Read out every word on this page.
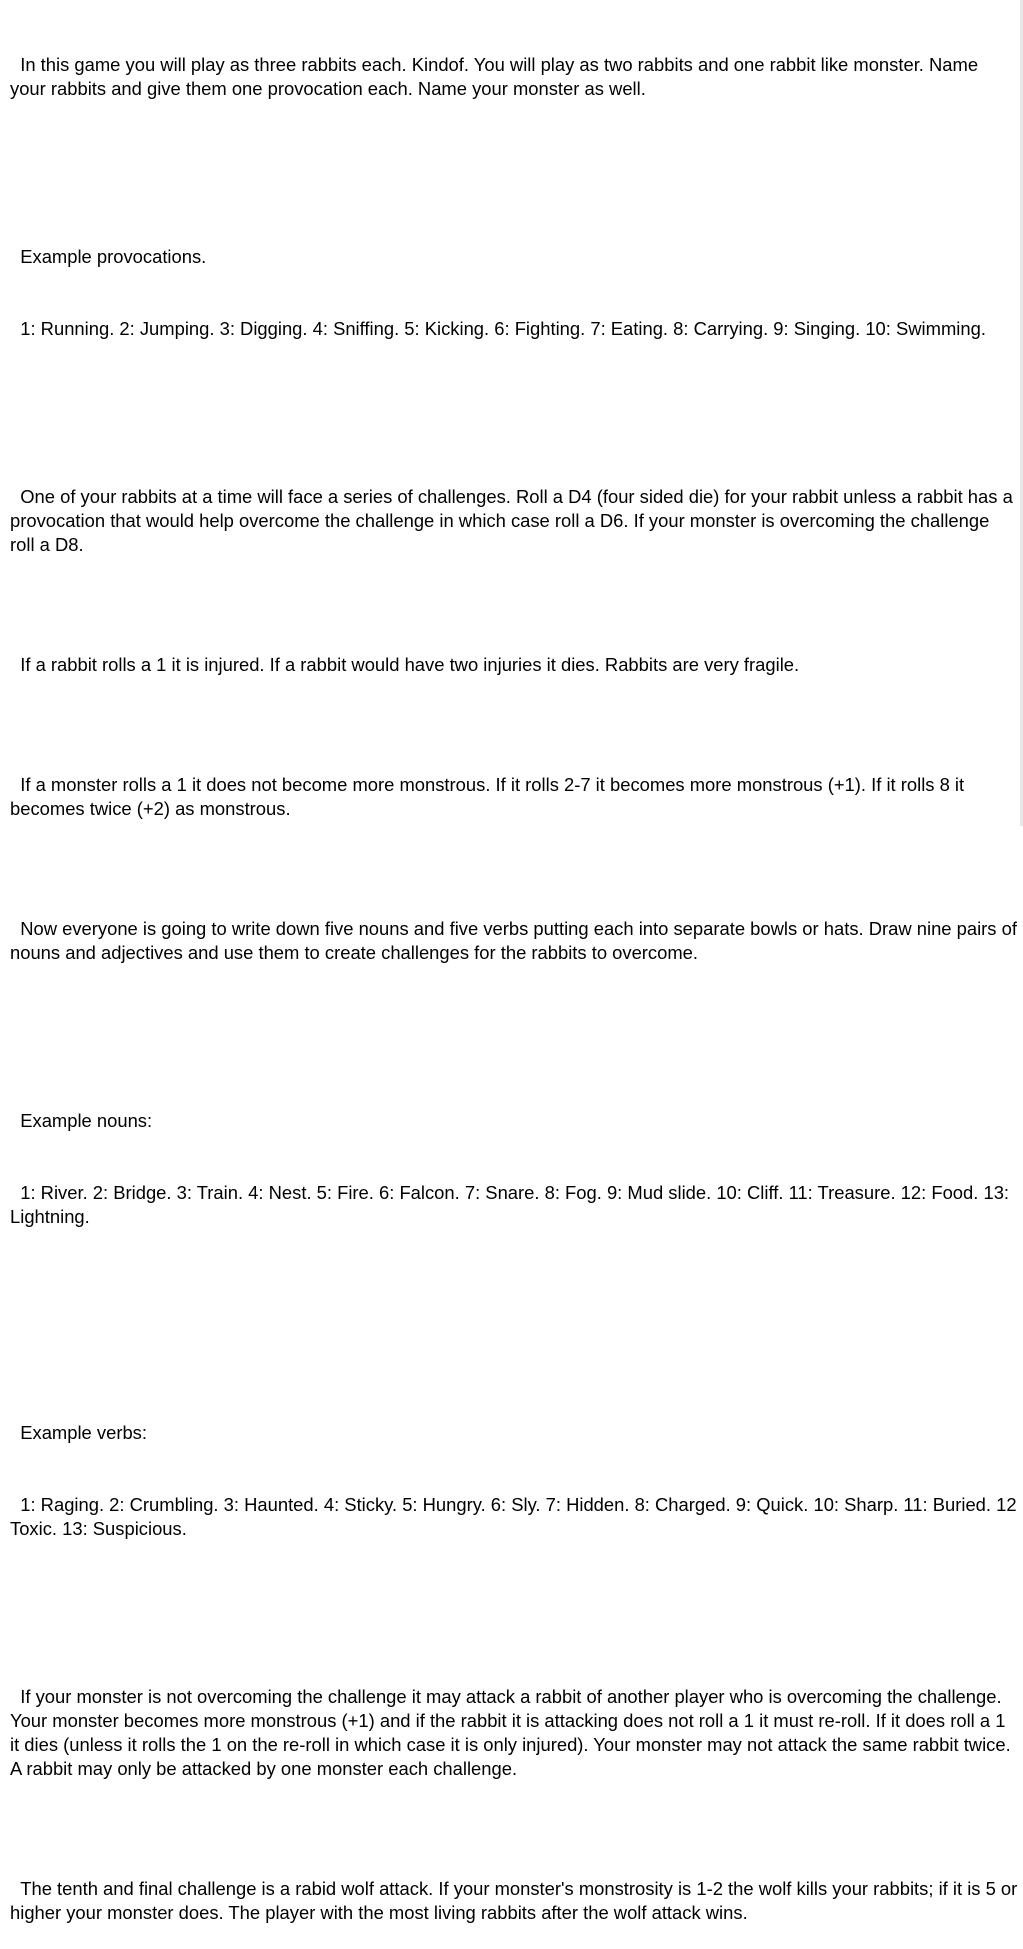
In this game you will play as three rabbits each. Kindof. You will play as two rabbits and one rabbit like monster. Name your rabbits and give them one provocation each. Name your monster as well.

Example provocations.

1: Running. 2: Jumping. 3: Digging. 4: Sniffing. 5: Kicking. 6: Fighting. 7: Eating. 8: Carrying. 9: Singing. 10: Swimming.

One of your rabbits at a time will face a series of challenges. Roll a D4 (four sided die) for your rabbit unless a rabbit has a provocation that would help overcome the challenge in which case roll a D6. If your monster is overcoming the challenge roll a D8.

If a rabbit rolls a 1 it is injured. If a rabbit would have two injuries it dies. Rabbits are very fragile.

If a monster rolls a 1 it does not become more monstrous. If it rolls 2-7 it becomes more monstrous (+1). If it rolls 8 it becomes twice (+2) as monstrous.

Now everyone is going to write down five nouns and five verbs putting each into separate bowls or hats. Draw nine pairs of nouns and adjectives and use them to create challenges for the rabbits to overcome.

Example nouns:

1: River. 2: Bridge. 3: Train. 4: Nest. 5: Fire. 6: Falcon. 7: Snare. 8: Fog. 9: Mud slide. 10: Cliff. 11: Treasure. 12: Food. 13: Lightning.

Example verbs:

1: Raging. 2: Crumbling. 3: Haunted. 4: Sticky. 5: Hungry. 6: Sly. 7: Hidden. 8: Charged. 9: Quick. 10: Sharp. 11: Buried. 12 Toxic. 13: Suspicious.

If your monster is not overcoming the challenge it may attack a rabbit of another player who is overcoming the challenge. Your monster becomes more monstrous (+1) and if the rabbit it is attacking does not roll a 1 it must re-roll. If it does roll a 1 it dies (unless it rolls the 1 on the re-roll in which case it is only injured). Your monster may not attack the same rabbit twice. A rabbit may only be attacked by one monster each challenge.

The tenth and final challenge is a rabid wolf attack. If your monster's monstrosity is 1-2 the wolf kills your rabbits; if it is 5 or higher your monster does. The player with the most living rabbits after the wolf attack wins.
